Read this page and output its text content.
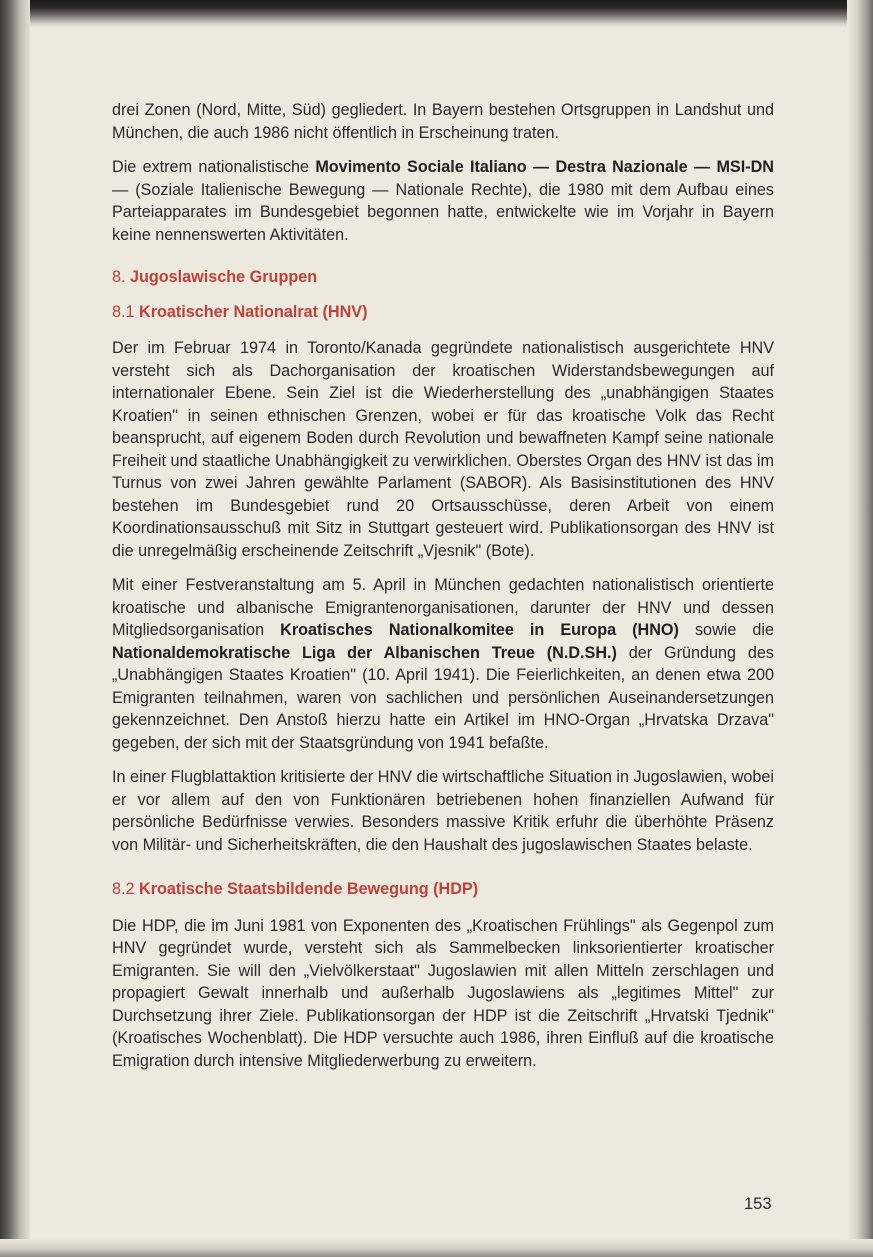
drei Zonen (Nord, Mitte, Süd) gegliedert. In Bayern bestehen Ortsgruppen in Landshut und München, die auch 1986 nicht öffentlich in Erscheinung traten.

Die extrem nationalistische Movimento Sociale Italiano — Destra Nazionale — MSI-DN — (Soziale Italienische Bewegung — Nationale Rechte), die 1980 mit dem Aufbau eines Parteiapparates im Bundesgebiet begonnen hatte, entwickelte wie im Vorjahr in Bayern keine nennenswerten Aktivitäten.

8. Jugoslawische Gruppen
8.1 Kroatischer Nationalrat (HNV)

Der im Februar 1974 in Toronto/Kanada gegründete nationalistisch ausgerichtete HNV versteht sich als Dachorganisation der kroatischen Widerstandsbewegungen auf internationaler Ebene. Sein Ziel ist die Wiederherstellung des „unabhängigen Staates Kroatien" in seinen ethnischen Grenzen, wobei er für das kroatische Volk das Recht beansprucht, auf eigenem Boden durch Revolution und bewaffneten Kampf seine nationale Freiheit und staatliche Unabhängigkeit zu verwirklichen. Oberstes Organ des HNV ist das im Turnus von zwei Jahren gewählte Parlament (SABOR). Als Basisinstitutionen des HNV bestehen im Bundesgebiet rund 20 Ortsausschüsse, deren Arbeit von einem Koordinationsausschuß mit Sitz in Stuttgart gesteuert wird. Publikationsorgan des HNV ist die unregelmäßig erscheinende Zeitschrift „Vjesnik" (Bote).

Mit einer Festveranstaltung am 5. April in München gedachten nationalistisch orientierte kroatische und albanische Emigrantenorganisationen, darunter der HNV und dessen Mitgliedsorganisation Kroatisches Nationalkomitee in Europa (HNO) sowie die Nationaldemokratische Liga der Albanischen Treue (N.D.SH.) der Gründung des „Unabhängigen Staates Kroatien" (10. April 1941). Die Feierlichkeiten, an denen etwa 200 Emigranten teilnahmen, waren von sachlichen und persönlichen Auseinandersetzungen gekennzeichnet. Den Anstoß hierzu hatte ein Artikel im HNO-Organ „Hrvatska Drzava" gegeben, der sich mit der Staatsgründung von 1941 befaßte.

In einer Flugblattaktion kritisierte der HNV die wirtschaftliche Situation in Jugoslawien, wobei er vor allem auf den von Funktionären betriebenen hohen finanziellen Aufwand für persönliche Bedürfnisse verwies. Besonders massive Kritik erfuhr die überhöhte Präsenz von Militär- und Sicherheitskräften, die den Haushalt des jugoslawischen Staates belaste.

8.2 Kroatische Staatsbildende Bewegung (HDP)

Die HDP, die im Juni 1981 von Exponenten des „Kroatischen Frühlings" als Gegenpol zum HNV gegründet wurde, versteht sich als Sammelbecken linksorientierter kroatischer Emigranten. Sie will den „Vielvölkerstaat" Jugoslawien mit allen Mitteln zerschlagen und propagiert Gewalt innerhalb und außerhalb Jugoslawiens als „legitimes Mittel" zur Durchsetzung ihrer Ziele. Publikationsorgan der HDP ist die Zeitschrift „Hrvatski Tjednik" (Kroatisches Wochenblatt). Die HDP versuchte auch 1986, ihren Einfluß auf die kroatische Emigration durch intensive Mitgliederwerbung zu erweitern.

153
